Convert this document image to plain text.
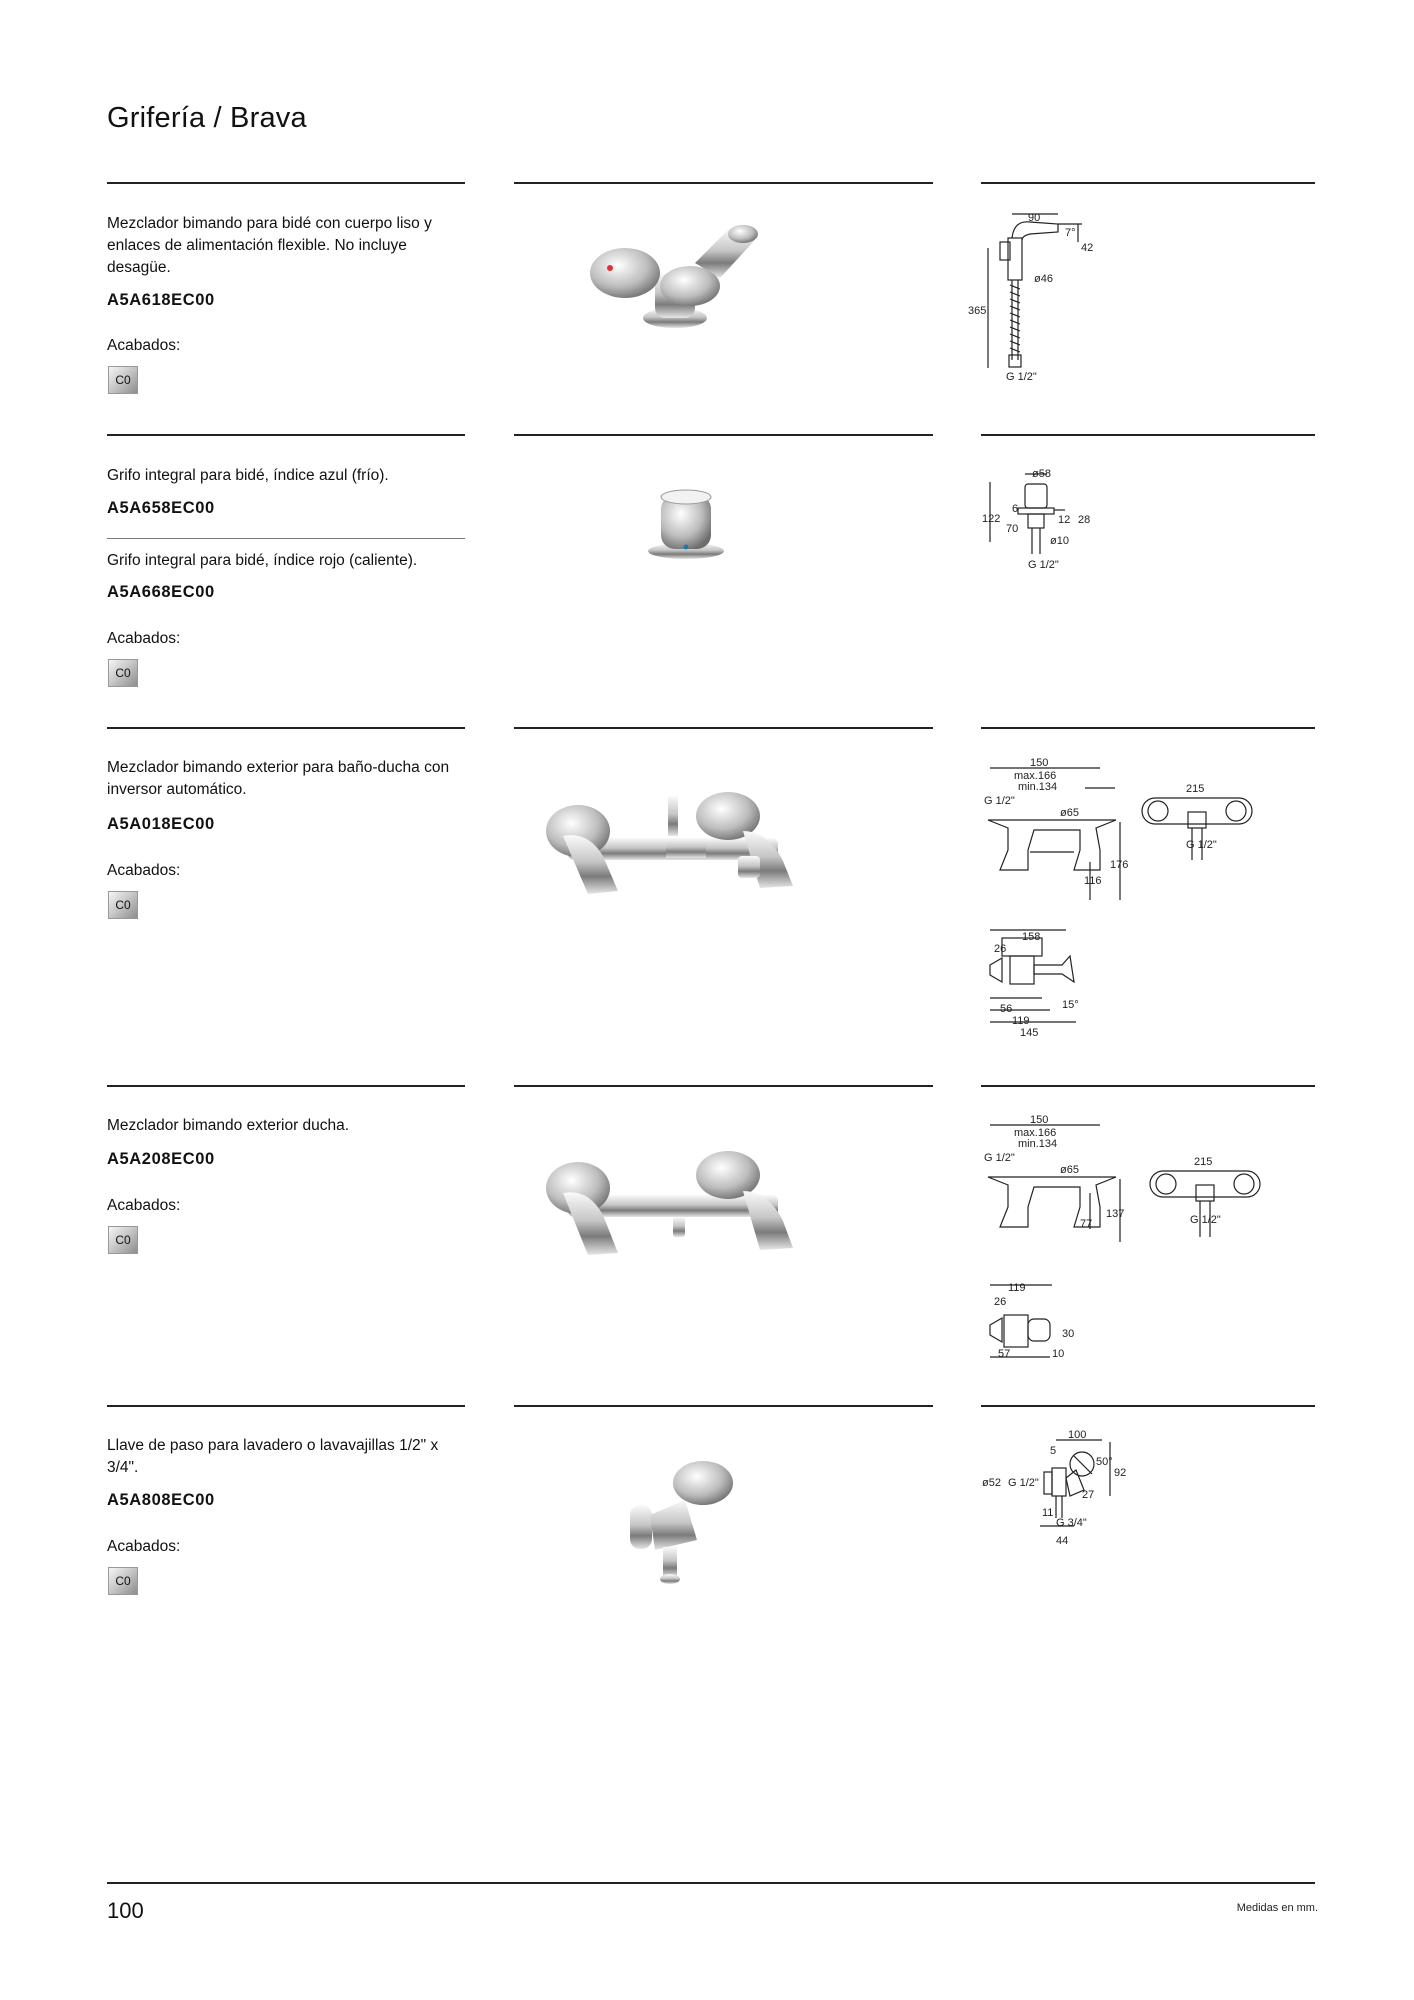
Grifería / Brava
Mezclador bimando para bidé con cuerpo liso y enlaces de alimentación flexible. No incluye desagüe.
A5A618EC00
Acabados:
C0
90
7°
42
ø46
365
G 1/2"
Grifo integral para bidé, índice azul (frío).
A5A658EC00
Grifo integral para bidé, índice rojo (caliente).
A5A668EC00
Acabados:
C0
ø58
6
122
70
12 28
ø10
G 1/2"
Mezclador bimando exterior para baño-ducha con inversor automático.
A5A018EC00
Acabados:
C0
150
max.166
min.134
G 1/2"
ø65
176
116
215
G 1/2"
158
26
56
119
145
15°
Mezclador bimando exterior ducha.
A5A208EC00
Acabados:
C0
150
max.166
min.134
G 1/2"
ø65
137
77
215
G 1/2"
119
26
30
57	10
Llave de paso para lavadero o lavavajillas 1/2" x 3/4".
A5A808EC00
Acabados:
C0
100
5
50°
92
ø52 G 1/2"
27
11
G 3/4"
44
100	Medidas en mm.
